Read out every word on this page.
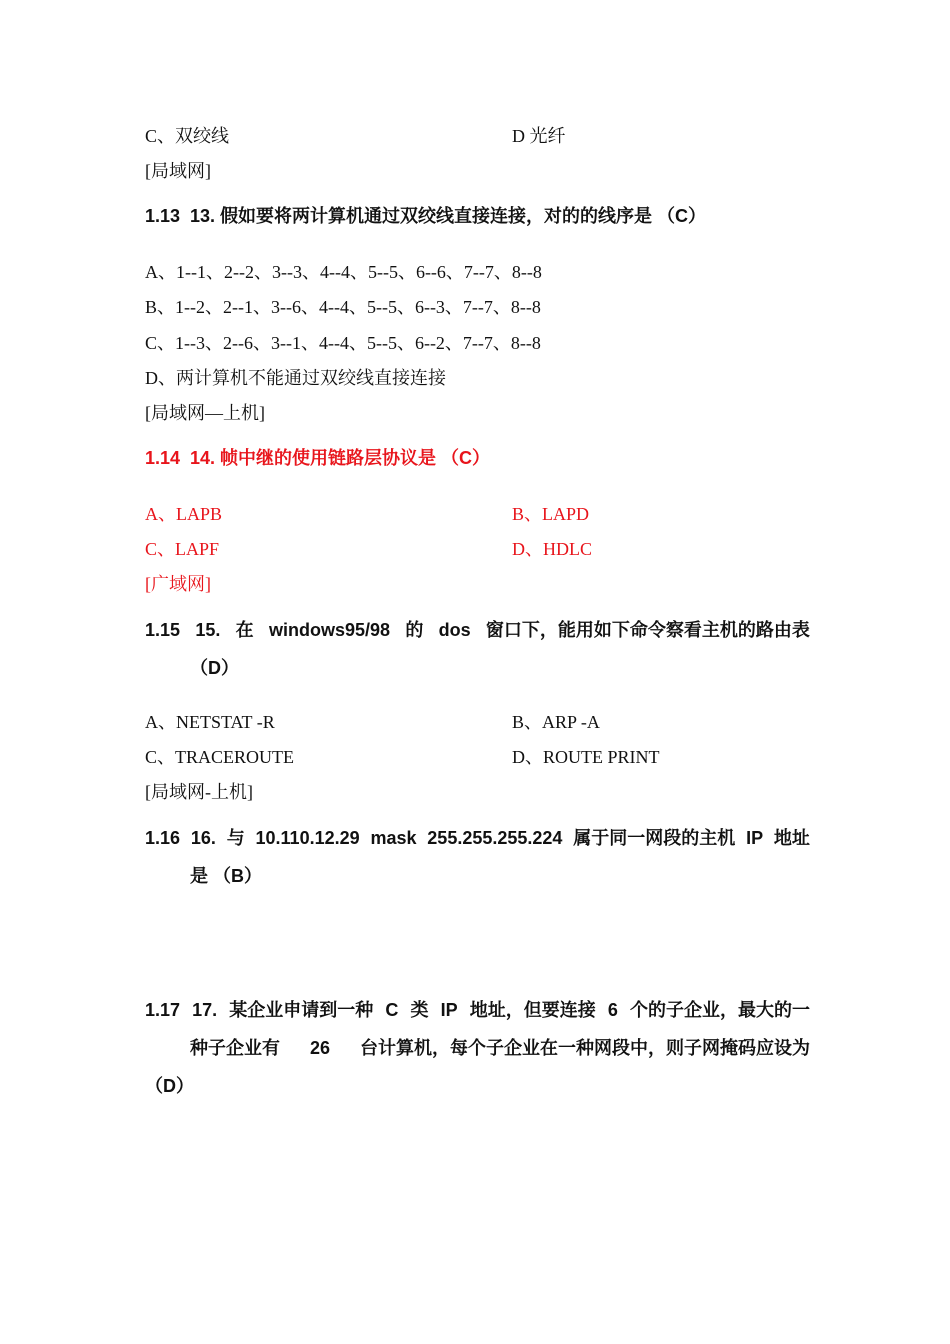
C、双绞线	D 光纤
[局域网]
1.13 13. 假如要将两计算机通过双绞线直接连接，对的的线序是 （C）
A、1--1、2--2、3--3、4--4、5--5、6--6、7--7、8--8
B、1--2、2--1、3--6、4--4、5--5、6--3、7--7、8--8
C、1--3、2--6、3--1、4--4、5--5、6--2、7--7、8--8
D、两计算机不能通过双绞线直接连接
[局域网—上机]
1.14 14. 帧中继的使用链路层协议是 （C）
A、LAPB	B、LAPD
C、LAPF	D、HDLC
[广域网]
1.15 15. 在 windows95/98 的 dos 窗口下，能用如下命令察看主机的路由表
（D）
A、NETSTAT -R	B、ARP -A
C、TRACEROUTE	D、ROUTE PRINT
[局域网-上机]
1.16 16. 与 10.110.12.29 mask 255.255.255.224 属于同一网段的主机 IP 地址
是 （B）
1.17 17. 某企业申请到一种 C 类 IP 地址，但要连接 6 个的子企业，最大的一
种子企业有 26 台计算机，每个子企业在一种网段中，则子网掩码应设为
（D）
